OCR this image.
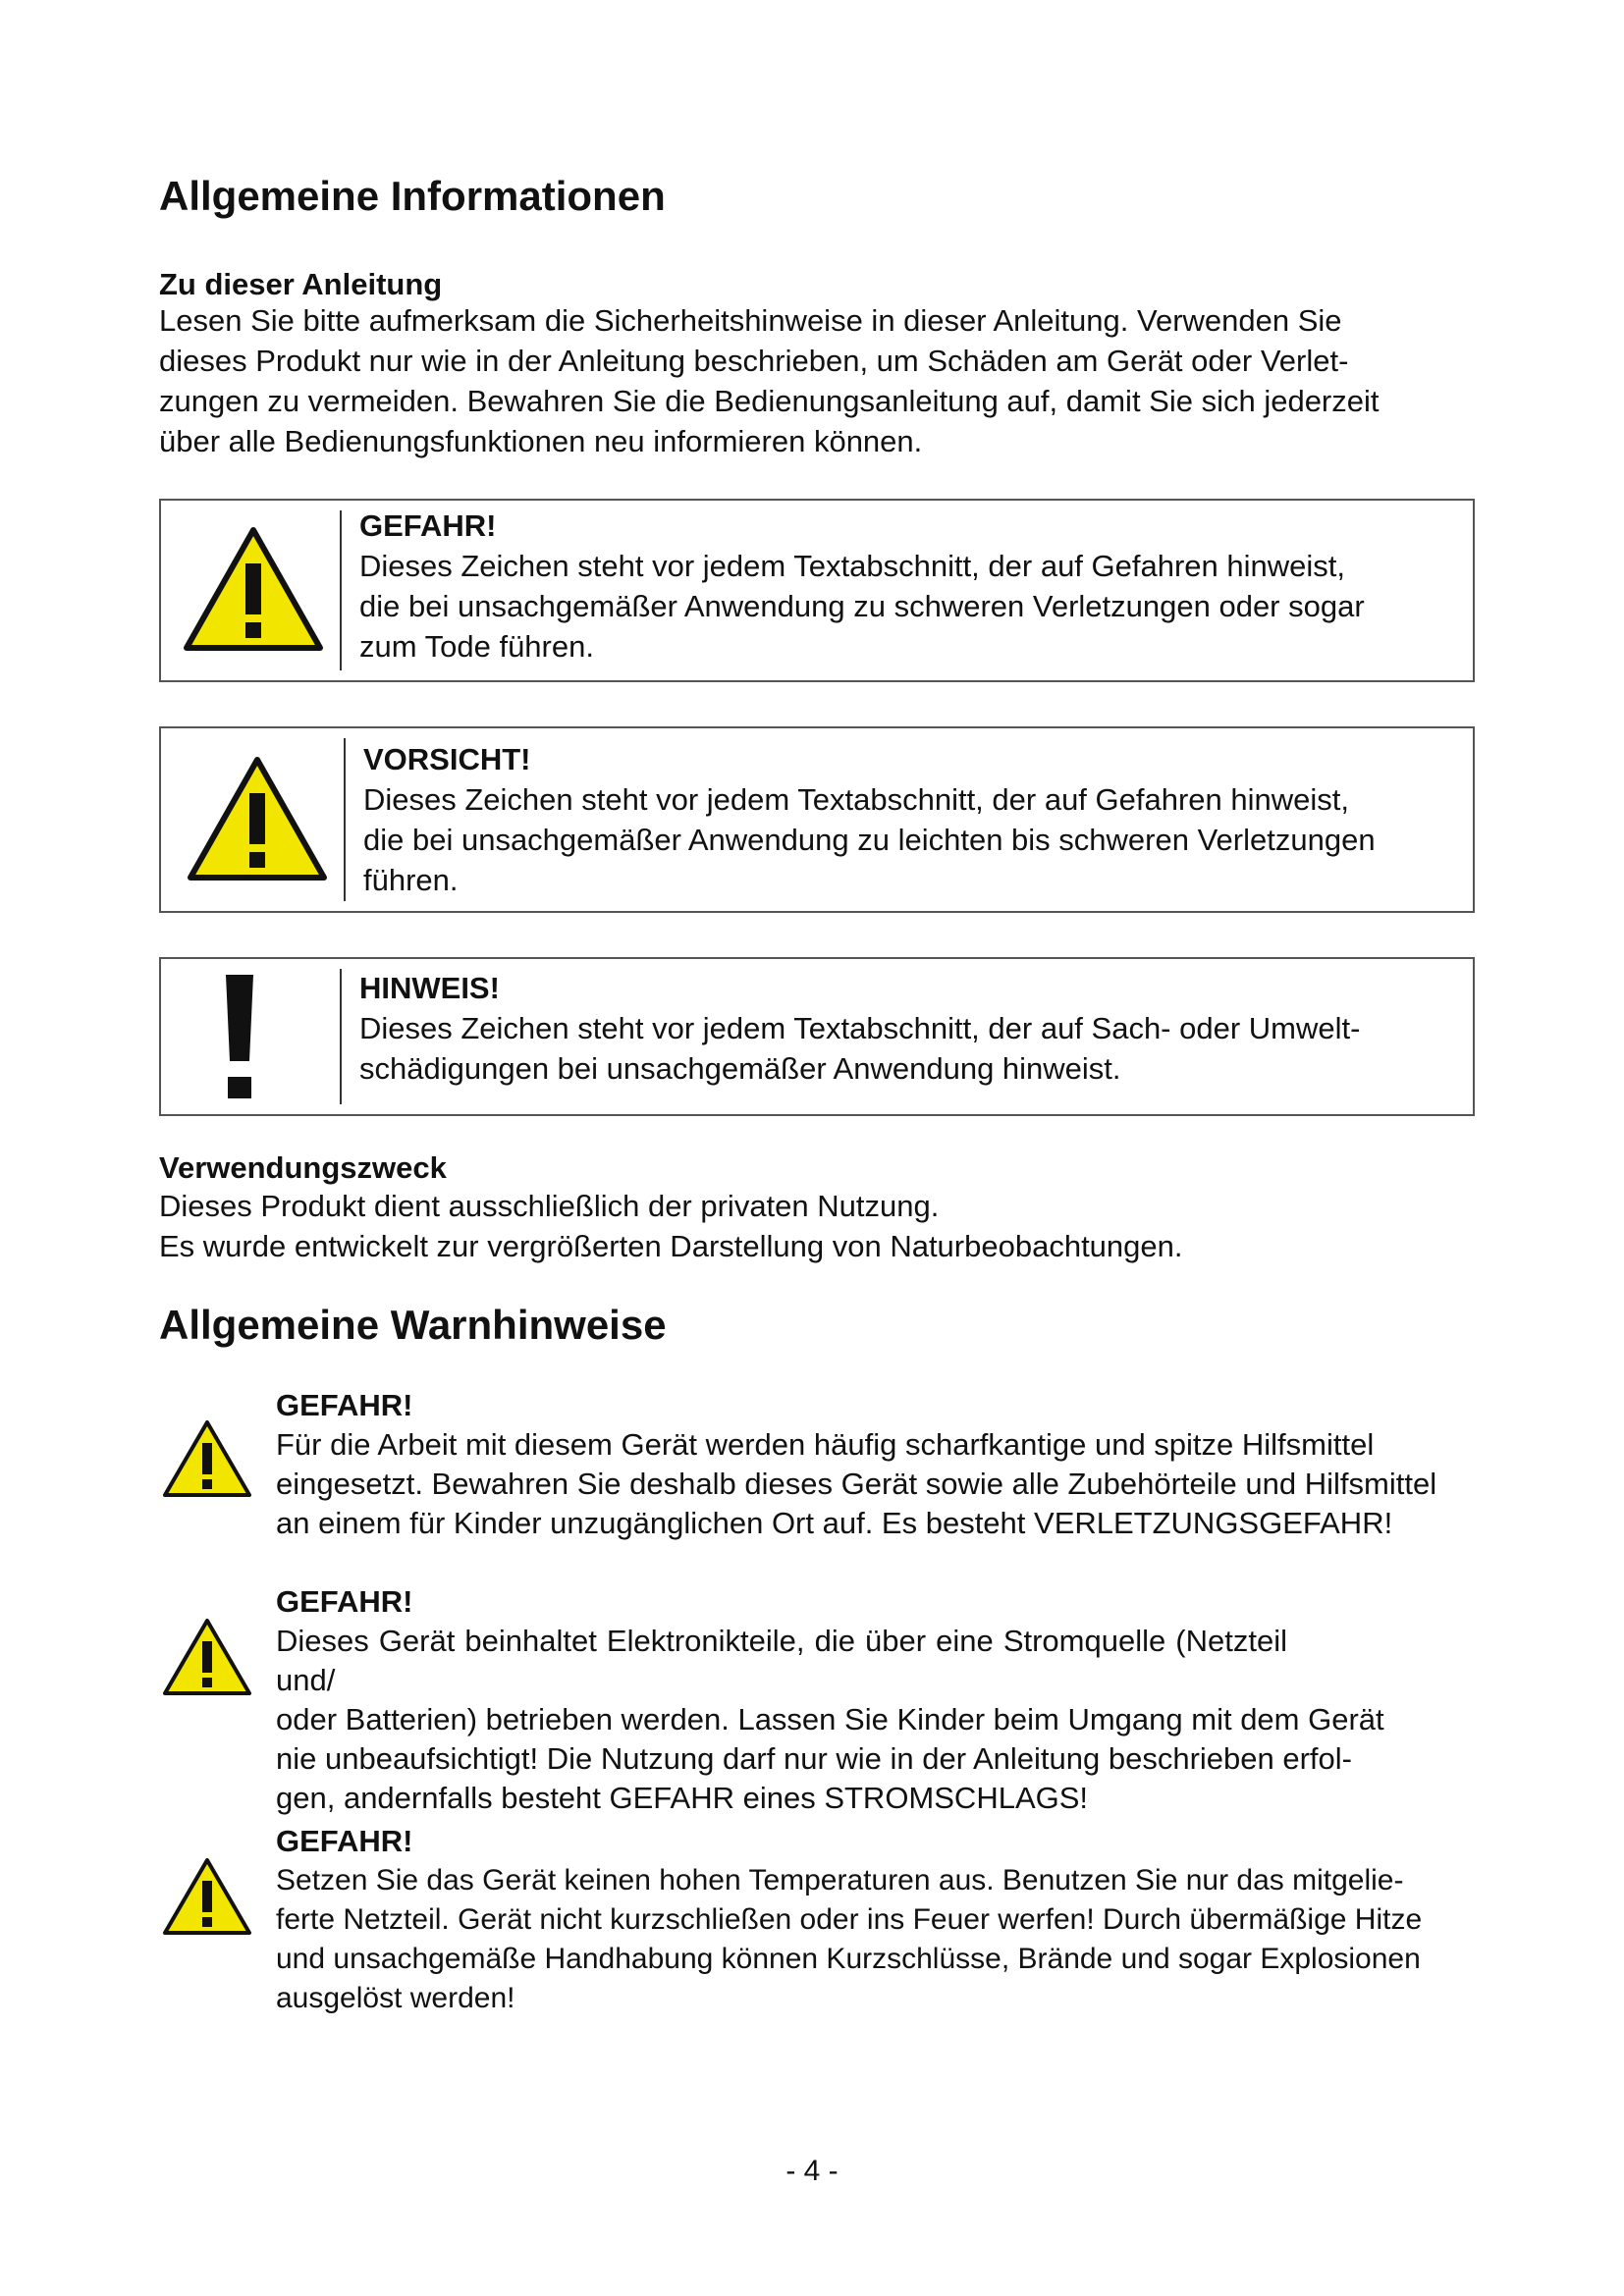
Allgemeine Informationen
Zu dieser Anleitung
Lesen Sie bitte aufmerksam die Sicherheitshinweise in dieser Anleitung. Verwenden Sie
dieses Produkt nur wie in der Anleitung beschrieben, um Schäden am Gerät oder Verlet-
zungen zu vermeiden. Bewahren Sie die Bedienungsanleitung auf, damit Sie sich jederzeit
über alle Bedienungsfunktionen neu informieren können.
GEFAHR!
Dieses Zeichen steht vor jedem Textabschnitt, der auf Gefahren hinweist,
die bei unsachgemäßer Anwendung zu schweren Verletzungen oder sogar
zum Tode führen.
VORSICHT!
Dieses Zeichen steht vor jedem Textabschnitt, der auf Gefahren hinweist,
die bei unsachgemäßer Anwendung zu leichten bis schweren Verletzungen
führen.
HINWEIS!
Dieses Zeichen steht vor jedem Textabschnitt, der auf Sach- oder Umwelt-
schädigungen bei unsachgemäßer Anwendung hinweist.
Verwendungszweck
Dieses Produkt dient ausschließlich der privaten Nutzung.
Es wurde entwickelt zur vergrößerten Darstellung von Naturbeobachtungen.
Allgemeine Warnhinweise
GEFAHR!
Für die Arbeit mit diesem Gerät werden häufig scharfkantige und spitze Hilfsmittel
eingesetzt. Bewahren Sie deshalb dieses Gerät sowie alle Zubehörteile und Hilfsmittel
an einem für Kinder unzugänglichen Ort auf. Es besteht VERLETZUNGSGEFAHR!
GEFAHR!
Dieses Gerät beinhaltet Elektronikteile, die über eine Stromquelle (Netzteil und/
oder Batterien) betrieben werden. Lassen Sie Kinder beim Umgang mit dem Gerät
nie unbeaufsichtigt! Die Nutzung darf nur wie in der Anleitung beschrieben erfol-
gen, andernfalls besteht GEFAHR eines STROMSCHLAGS!
GEFAHR!
Setzen Sie das Gerät keinen hohen Temperaturen aus. Benutzen Sie nur das mitgelie-
ferte Netzteil. Gerät nicht kurzschließen oder ins Feuer werfen! Durch übermäßige Hitze
und unsachgemäße Handhabung können Kurzschlüsse, Brände und sogar Explosionen
ausgelöst werden!
- 4 -
